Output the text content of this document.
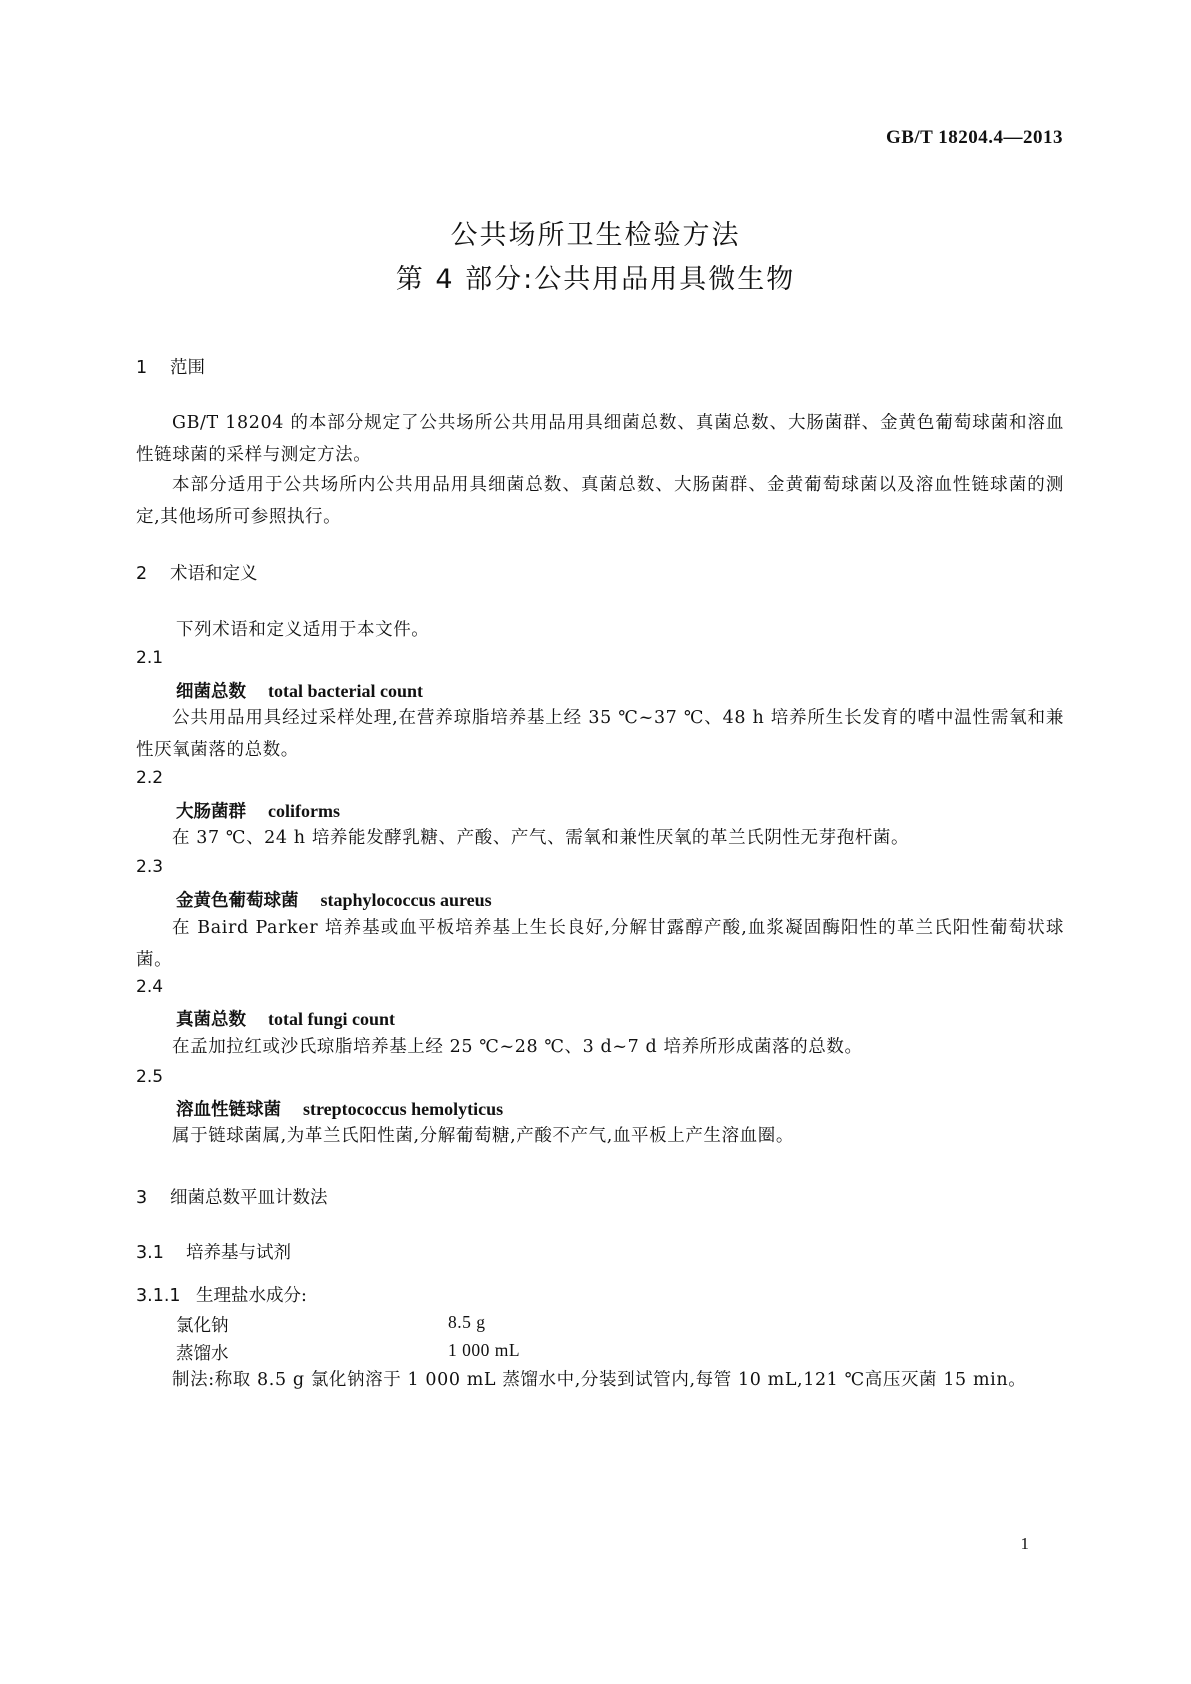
GB/T 18204.4—2013
公共场所卫生检验方法
第 4 部分:公共用品用具微生物
1 范围
GB/T 18204 的本部分规定了公共场所公共用品用具细菌总数、真菌总数、大肠菌群、金黄色葡萄球菌和溶血性链球菌的采样与测定方法。
本部分适用于公共场所内公共用品用具细菌总数、真菌总数、大肠菌群、金黄葡萄球菌以及溶血性链球菌的测定,其他场所可参照执行。
2 术语和定义
下列术语和定义适用于本文件。
2.1
细菌总数 total bacterial count
公共用品用具经过采样处理,在营养琼脂培养基上经 35 ℃~37 ℃、48 h 培养所生长发育的嗜中温性需氧和兼性厌氧菌落的总数。
2.2
大肠菌群 coliforms
在 37 ℃、24 h 培养能发酵乳糖、产酸、产气、需氧和兼性厌氧的革兰氏阴性无芽孢杆菌。
2.3
金黄色葡萄球菌 staphylococcus aureus
在 Baird Parker 培养基或血平板培养基上生长良好,分解甘露醇产酸,血浆凝固酶阳性的革兰氏阳性葡萄状球菌。
2.4
真菌总数 total fungi count
在孟加拉红或沙氏琼脂培养基上经 25 ℃~28 ℃、3 d~7 d 培养所形成菌落的总数。
2.5
溶血性链球菌 streptococcus hemolyticus
属于链球菌属,为革兰氏阳性菌,分解葡萄糖,产酸不产气,血平板上产生溶血圈。
3 细菌总数平皿计数法
3.1 培养基与试剂
3.1.1 生理盐水成分:
氯化钠	8.5 g
蒸馏水	1 000 mL
制法:称取 8.5 g 氯化钠溶于 1 000 mL 蒸馏水中,分装到试管内,每管 10 mL,121 ℃高压灭菌 15 min。
1
